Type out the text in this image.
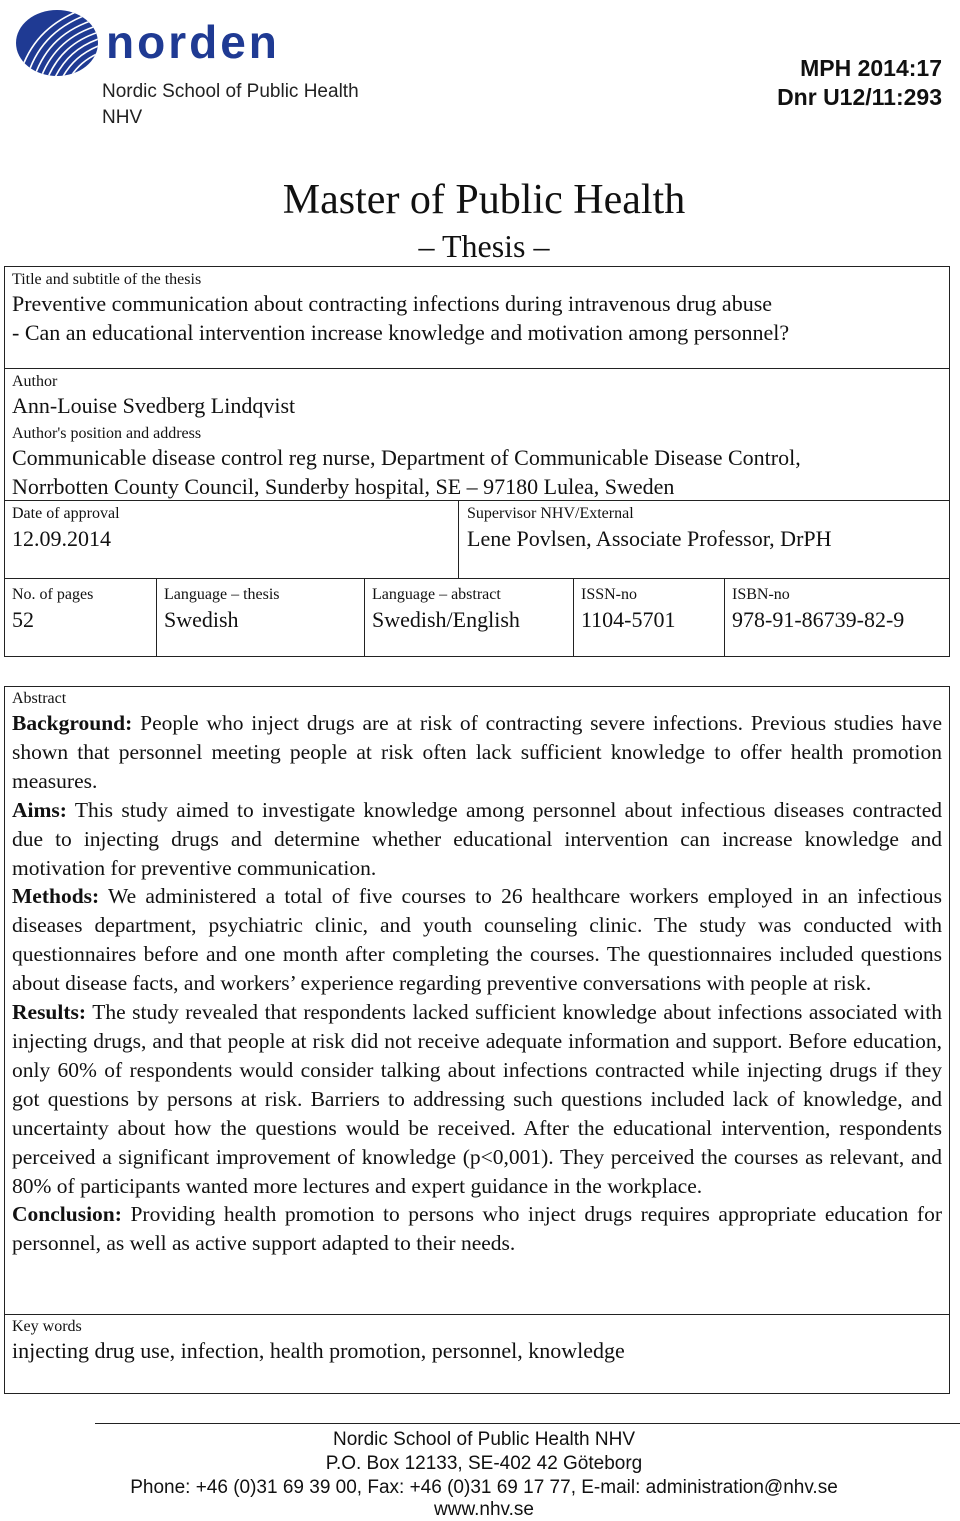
norden
Nordic School of Public Health
NHV
MPH 2014:17
Dnr U12/11:293
Master of Public Health
– Thesis –
Title and subtitle of the thesis
Preventive communication about contracting infections during intravenous drug abuse
- Can an educational intervention increase knowledge and motivation among personnel?
Author
Ann-Louise Svedberg Lindqvist
Author's position and address
Communicable disease control reg nurse, Department of Communicable Disease Control,
Norrbotten County Council, Sunderby hospital, SE – 97180 Lulea, Sweden
Date of approval
12.09.2014
Supervisor NHV/External
Lene Povlsen, Associate Professor, DrPH
No. of pages
52
Language – thesis
Swedish
Language – abstract
Swedish/English
ISSN-no
1104-5701
ISBN-no
978-91-86739-82-9
Abstract

Background: People who inject drugs are at risk of contracting severe infections. Previous studies have shown that personnel meeting people at risk often lack sufficient knowledge to offer health promotion measures.

Aims: This study aimed to investigate knowledge among personnel about infectious diseases contracted due to injecting drugs and determine whether educational intervention can increase knowledge and motivation for preventive communication.

Methods: We administered a total of five courses to 26 healthcare workers employed in an infectious diseases department, psychiatric clinic, and youth counseling clinic. The study was conducted with questionnaires before and one month after completing the courses. The questionnaires included questions about disease facts, and workers’ experience regarding preventive conversations with people at risk.

Results: The study revealed that respondents lacked sufficient knowledge about infections associated with injecting drugs, and that people at risk did not receive adequate information and support. Before education, only 60% of respondents would consider talking about infections contracted while injecting drugs if they got questions by persons at risk. Barriers to addressing such questions included lack of knowledge, and uncertainty about how the questions would be received. After the educational intervention, respondents perceived a significant improvement of knowledge (p<0,001). They perceived the courses as relevant, and 80% of participants wanted more lectures and expert guidance in the workplace.

Conclusion: Providing health promotion to persons who inject drugs requires appropriate education for personnel, as well as active support adapted to their needs.

Key words
injecting drug use, infection, health promotion, personnel, knowledge
Nordic School of Public Health NHV
P.O. Box 12133, SE-402 42 Göteborg
Phone: +46 (0)31 69 39 00, Fax: +46 (0)31 69 17 77, E-mail: administration@nhv.se
www.nhv.se
